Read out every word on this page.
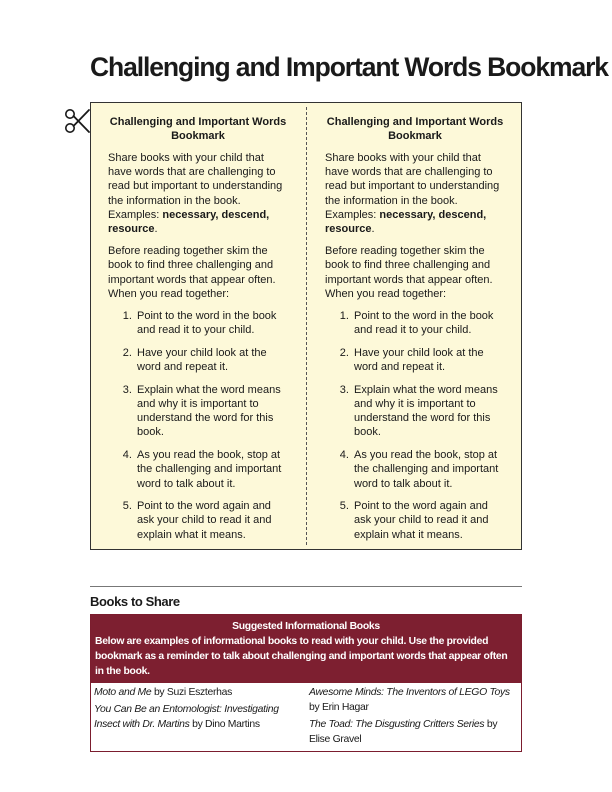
Challenging and Important Words Bookmark
Challenging and Important Words Bookmark

Share books with your child that have words that are challenging to read but important to understanding the information in the book. Examples: necessary, descend, resource.

Before reading together skim the book to find three challenging and important words that appear often. When you read together:

1. Point to the word in the book and read it to your child.
2. Have your child look at the word and repeat it.
3. Explain what the word means and why it is important to understand the word for this book.
4. As you read the book, stop at the challenging and important word to talk about it.
5. Point to the word again and ask your child to read it and explain what it means.
Challenging and Important Words Bookmark

Share books with your child that have words that are challenging to read but important to understanding the information in the book. Examples: necessary, descend, resource.

Before reading together skim the book to find three challenging and important words that appear often. When you read together:

1. Point to the word in the book and read it to your child.
2. Have your child look at the word and repeat it.
3. Explain what the word means and why it is important to understand the word for this book.
4. As you read the book, stop at the challenging and important word to talk about it.
5. Point to the word again and ask your child to read it and explain what it means.
Books to Share
Suggested Informational Books
Below are examples of informational books to read with your child. Use the provided bookmark as a reminder to talk about challenging and important words that appear often in the book.
Moto and Me by Suzi Eszterhas
You Can Be an Entomologist: Investigating Insect with Dr. Martins by Dino Martins
Awesome Minds: The Inventors of LEGO Toys by Erin Hagar
The Toad: The Disgusting Critters Series by Elise Gravel
